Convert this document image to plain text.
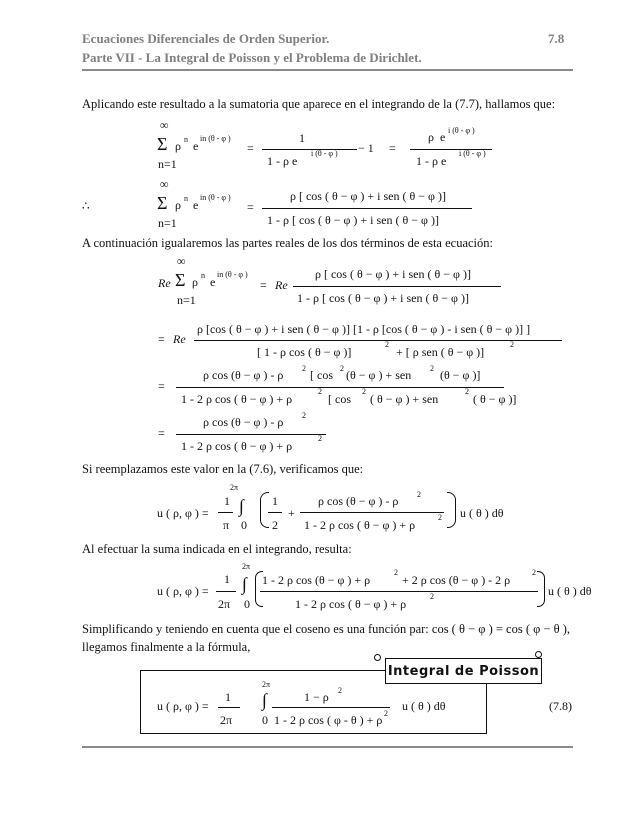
Ecuaciones Diferenciales de Orden Superior.	7.8
Parte VII - La Integral de Poisson y el Problema de Dirichlet.
Aplicando este resultado a la sumatoria que aparece en el integrando de la (7.7), hallamos que:
∞
Σ ρ n e
in (θ - φ )
n=1
=
1
1 - ρ e
i (θ - φ ) − 1 =
ρ e i (θ - φ )
1 - ρ e
i (θ - φ )
∞
∴	Σ ρ n e
in (θ - φ )
n=1
=
ρ [ cos ( θ − φ ) + i sen ( θ − φ )]
1 - ρ [ cos ( θ − φ ) + i sen ( θ − φ )]
A continuación igualaremos las partes reales de los dos términos de esta ecuación:
∞
Re Σ ρ n e
in (θ - φ )
n=1
= Re
ρ [ cos ( θ − φ ) + i sen ( θ − φ )]
1 - ρ [ cos ( θ − φ ) + i sen ( θ − φ )]
= Re
ρ [cos ( θ − φ ) + i sen ( θ − φ )] [1 - ρ [cos ( θ − φ ) - i sen ( θ − φ )] ]
[ 1 - ρ cos ( θ − φ )]
2
+ [ ρ sen ( θ − φ )]
2
=
ρ cos (θ − φ ) - ρ 2 [ cos 2 (θ − φ ) + sen 2 (θ − φ )]
1 - 2 ρ cos ( θ − φ ) + ρ
2
[ cos
2
( θ − φ ) + sen
2
( θ − φ )]
=
ρ cos (θ − φ ) - ρ 2
1 - 2 ρ cos ( θ − φ ) + ρ
2
Si reemplazamos este valor en la (7.6), verificamos que:
u ( ρ, φ ) =
2π
1
π
∫
0
1
2
+
ρ cos (θ − φ ) - ρ 2
1 - 2 ρ cos ( θ − φ ) + ρ
2 u ( θ ) dθ
Al efectuar la suma indicada en el integrando, resulta:
u ( ρ, φ ) =
2π
1
2π
∫
0
1 - 2 ρ cos (θ − φ ) + ρ
2
+ 2 ρ cos (θ − φ ) - 2 ρ
2
1 - 2 ρ cos ( θ − φ ) + ρ
2	u ( θ ) dθ
Simplificando y teniendo en cuenta que el coseno es una función par: cos ( θ − φ ) = cos ( φ − θ ),
llegamos finalmente a la fórmula,
Integral de Poisson
u ( ρ, φ ) =
2π
1
2π
∫
0
1 − ρ 2
1 - 2 ρ cos ( φ - θ ) + ρ 2
u ( θ ) dθ	(7.8)
